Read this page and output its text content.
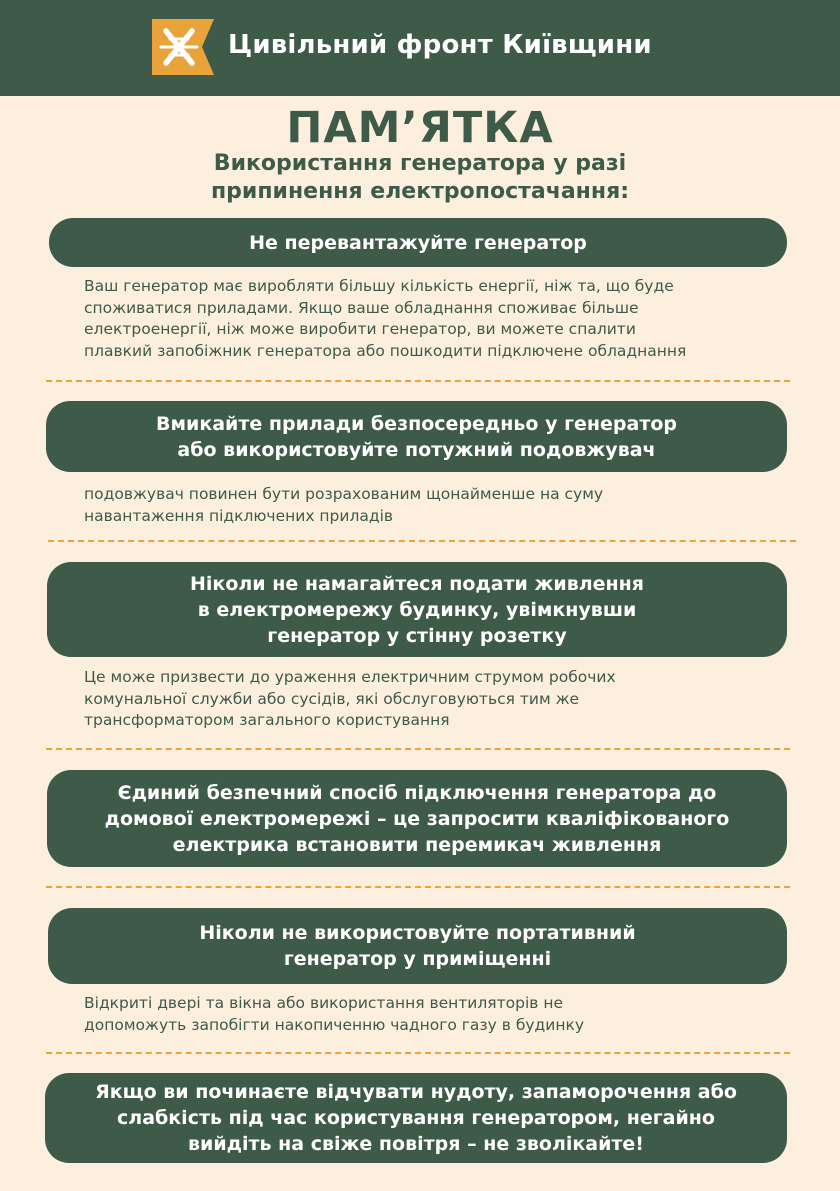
Цивільний фронт Київщини
ПАМ’ЯТКА
Використання генератора у разі
припинення електропостачання:
Не перевантажуйте генератор
Ваш генератор має виробляти більшу кількість енергії, ніж та, що буде
споживатися приладами. Якщо ваше обладнання споживає більше
електроенергії, ніж може виробити генератор, ви можете спалити
плавкий запобіжник генератора або пошкодити підключене обладнання
Вмикайте прилади безпосередньо у генератор
або використовуйте потужний подовжувач
подовжувач повинен бути розрахованим щонайменше на суму
навантаження підключених приладів
Ніколи не намагайтеся подати живлення
в електромережу будинку, увімкнувши
генератор у стінну розетку
Це може призвести до ураження електричним струмом робочих
комунальної служби або сусідів, які обслуговуються тим же
трансформатором загального користування
Єдиний безпечний спосіб підключення генератора до
домової електромережі – це запросити кваліфікованого
електрика встановити перемикач живлення
Ніколи не використовуйте портативний
генератор у приміщенні
Відкриті двері та вікна або використання вентиляторів не
допоможуть запобігти накопиченню чадного газу в будинку
Якщо ви починаєте відчувати нудоту, запаморочення або
слабкість під час користування генератором, негайно
вийдіть на свіже повітря – не зволікайте!
